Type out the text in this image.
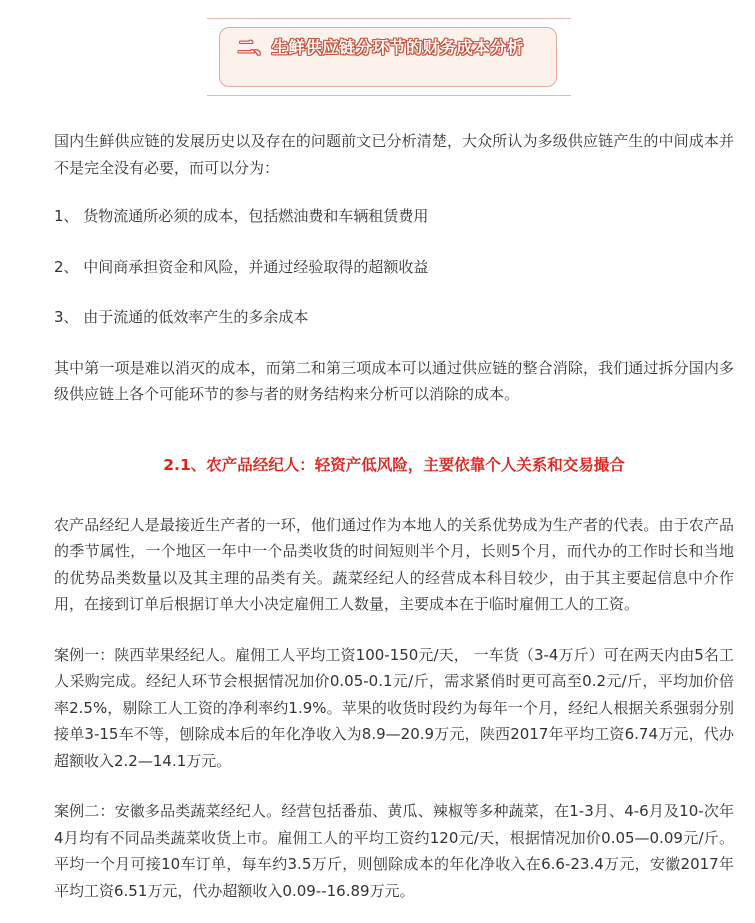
二、生鲜供应链分环节的财务成本分析

国内生鲜供应链的发展历史以及存在的问题前文已分析清楚，大众所认为多级供应链产生的中间成本并不是完全没有必要，而可以分为：

1、 货物流通所必须的成本，包括燃油费和车辆租赁费用

2、 中间商承担资金和风险，并通过经验取得的超额收益

3、 由于流通的低效率产生的多余成本

其中第一项是难以消灭的成本，而第二和第三项成本可以通过供应链的整合消除，我们通过拆分国内多级供应链上各个可能环节的参与者的财务结构来分析可以消除的成本。

2.1、农产品经纪人：轻资产低风险，主要依靠个人关系和交易撮合

农产品经纪人是最接近生产者的一环，他们通过作为本地人的关系优势成为生产者的代表。由于农产品的季节属性，一个地区一年中一个品类收货的时间短则半个月，长则5个月，而代办的工作时长和当地的优势品类数量以及其主理的品类有关。蔬菜经纪人的经营成本科目较少，由于其主要起信息中介作用，在接到订单后根据订单大小决定雇佣工人数量，主要成本在于临时雇佣工人的工资。

案例一：陕西苹果经纪人。雇佣工人平均工资100-150元/天， 一车货（3-4万斤）可在两天内由5名工人采购完成。经纪人环节会根据情况加价0.05-0.1元/斤，需求紧俏时更可高至0.2元/斤，平均加价倍率2.5%，剔除工人工资的净利率约1.9%。苹果的收货时段约为每年一个月，经纪人根据关系强弱分别接单3-15车不等，刨除成本后的年化净收入为8.9—20.9万元，陕西2017年平均工资6.74万元，代办超额收入2.2—14.1万元。

案例二：安徽多品类蔬菜经纪人。经营包括番茄、黄瓜、辣椒等多种蔬菜，在1-3月、4-6月及10-次年4月均有不同品类蔬菜收货上市。雇佣工人的平均工资约120元/天，根据情况加价0.05—0.09元/斤。平均一个月可接10车订单，每车约3.5万斤，则刨除成本的年化净收入在6.6-23.4万元，安徽2017年平均工资6.51万元，代办超额收入0.09--16.89万元。
